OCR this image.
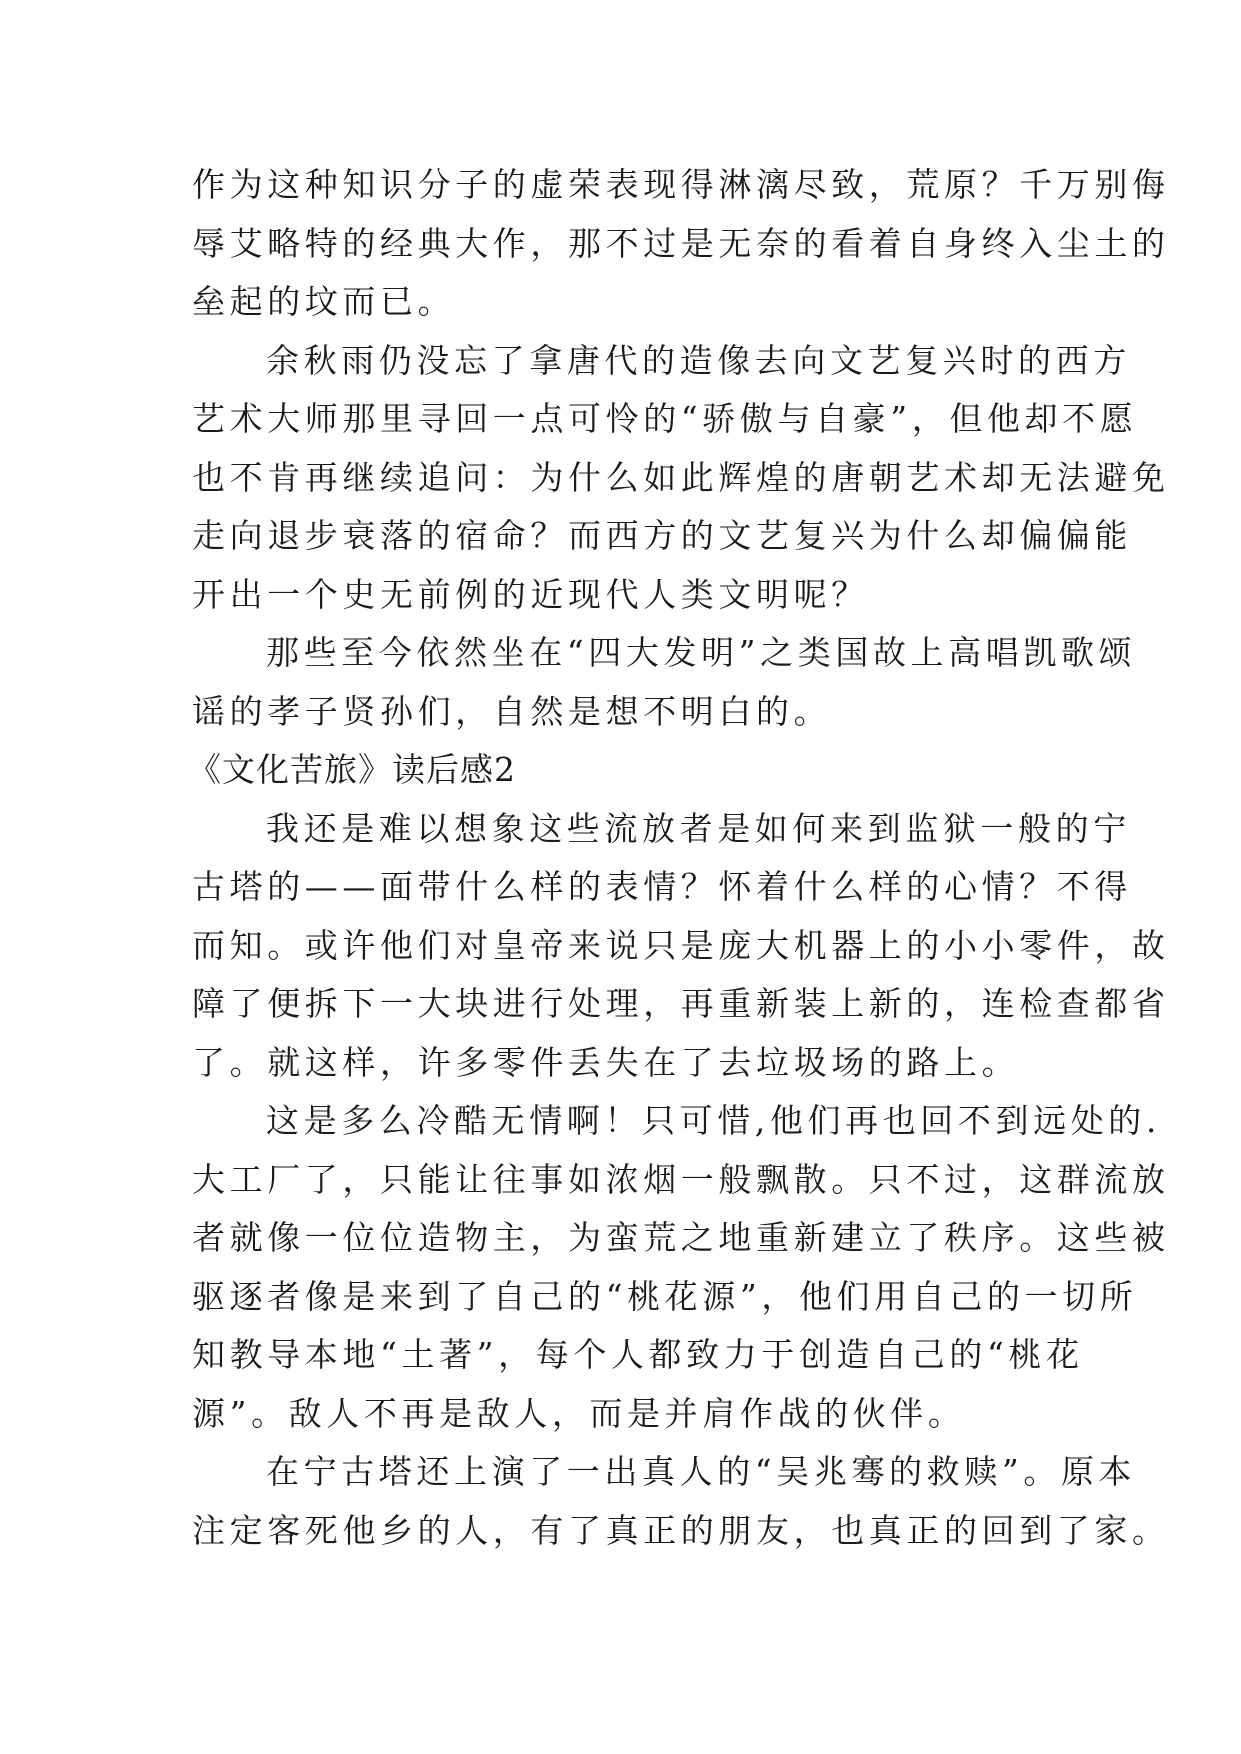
作为这种知识分子的虚荣表现得淋漓尽致，荒原？千万别侮
辱艾略特的经典大作，那不过是无奈的看着自身终入尘土的
垒起的坟而已。
余秋雨仍没忘了拿唐代的造像去向文艺复兴时的西方
艺术大师那里寻回一点可怜的“骄傲与自豪”，但他却不愿
也不肯再继续追问：为什么如此辉煌的唐朝艺术却无法避免
走向退步衰落的宿命？而西方的文艺复兴为什么却偏偏能
开出一个史无前例的近现代人类文明呢？
那些至今依然坐在“四大发明”之类国故上高唱凯歌颂
谣的孝子贤孙们，自然是想不明白的。
《文化苦旅》读后感2
我还是难以想象这些流放者是如何来到监狱一般的宁
古塔的——面带什么样的表情？怀着什么样的心情？不得
而知。或许他们对皇帝来说只是庞大机器上的小小零件，故
障了便拆下一大块进行处理，再重新装上新的，连检查都省
了。就这样，许多零件丢失在了去垃圾场的路上。
这是多么冷酷无情啊！只可惜,他们再也回不到远处的.
大工厂了，只能让往事如浓烟一般飘散。只不过，这群流放
者就像一位位造物主，为蛮荒之地重新建立了秩序。这些被
驱逐者像是来到了自己的“桃花源”，他们用自己的一切所
知教导本地“土著”，每个人都致力于创造自己的“桃花
源”。敌人不再是敌人，而是并肩作战的伙伴。
在宁古塔还上演了一出真人的“吴兆骞的救赎”。原本
注定客死他乡的人，有了真正的朋友，也真正的回到了家。
